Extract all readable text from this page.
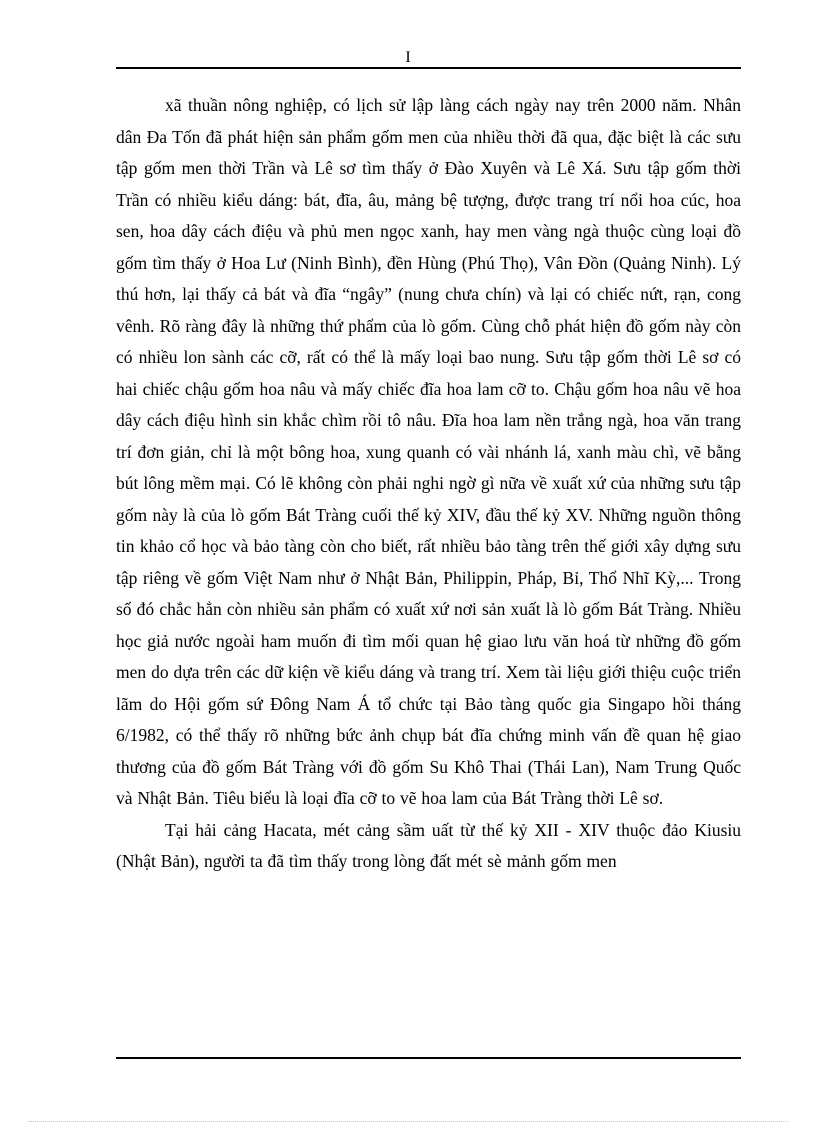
I

xã thuần nông nghiệp, có lịch sử lập làng cách ngày nay trên 2000 năm. Nhân dân Đa Tốn đã phát hiện sản phẩm gốm men của nhiều thời đã qua, đặc biệt là các sưu tập gốm men thời Trần và Lê sơ tìm thấy ở Đào Xuyên và Lê Xá. Sưu tập gốm thời Trần có nhiều kiểu dáng: bát, đĩa, âu, mảng bệ tượng, được trang trí nổi hoa cúc, hoa sen, hoa dây cách điệu và phủ men ngọc xanh, hay men vàng ngà thuộc cùng loại đồ gốm tìm thấy ở Hoa Lư (Ninh Bình), đền Hùng (Phú Thọ), Vân Đồn (Quảng Ninh). Lý thú hơn, lại thấy cả bát và đĩa “ngây” (nung chưa chín) và lại có chiếc nứt, rạn, cong vênh. Rõ ràng đây là những thứ phẩm của lò gốm. Cùng chỗ phát hiện đồ gốm này còn có nhiều lon sành các cỡ, rất có thể là mấy loại bao nung. Sưu tập gốm thời Lê sơ có hai chiếc chậu gốm hoa nâu và mấy chiếc đĩa hoa lam cỡ to. Chậu gốm hoa nâu vẽ hoa dây cách điệu hình sin khắc chìm rồi tô nâu. Đĩa hoa lam nền trắng ngà, hoa văn trang trí đơn giản, chỉ là một bông hoa, xung quanh có vài nhánh lá, xanh màu chì, vẽ bằng bút lông mềm mại. Có lẽ không còn phải nghi ngờ gì nữa về xuất xứ của những sưu tập gốm này là của lò gốm Bát Tràng cuối thế kỷ XIV, đầu thế kỷ XV. Những nguồn thông tin khảo cổ học và bảo tàng còn cho biết, rất nhiều bảo tàng trên thế giới xây dựng sưu tập riêng về gốm Việt Nam như ở Nhật Bản, Philippin, Pháp, Bỉ, Thổ Nhĩ Kỳ,... Trong số đó chắc hẳn còn nhiều sản phẩm có xuất xứ nơi sản xuất là lò gốm Bát Tràng. Nhiều học giả nước ngoài ham muốn đi tìm mối quan hệ giao lưu văn hoá từ những đồ gốm men do dựa trên các dữ kiện về kiểu dáng và trang trí. Xem tài liệu giới thiệu cuộc triển lãm do Hội gốm sứ Đông Nam Á tổ chức tại Bảo tàng quốc gia Singapo hồi tháng 6/1982, có thể thấy rõ những bức ảnh chụp bát đĩa chứng minh vấn đề quan hệ giao thương của đồ gốm Bát Tràng với đồ gốm Su Khô Thai (Thái Lan), Nam Trung Quốc và Nhật Bản. Tiêu biểu là loại đĩa cỡ to vẽ hoa lam của Bát Tràng thời Lê sơ.

Tại hải cảng Hacata, mét cảng sầm uất từ thế kỷ XII - XIV thuộc đảo Kiusiu (Nhật Bản), người ta đã tìm thấy trong lòng đất mét sè mảnh gốm men
